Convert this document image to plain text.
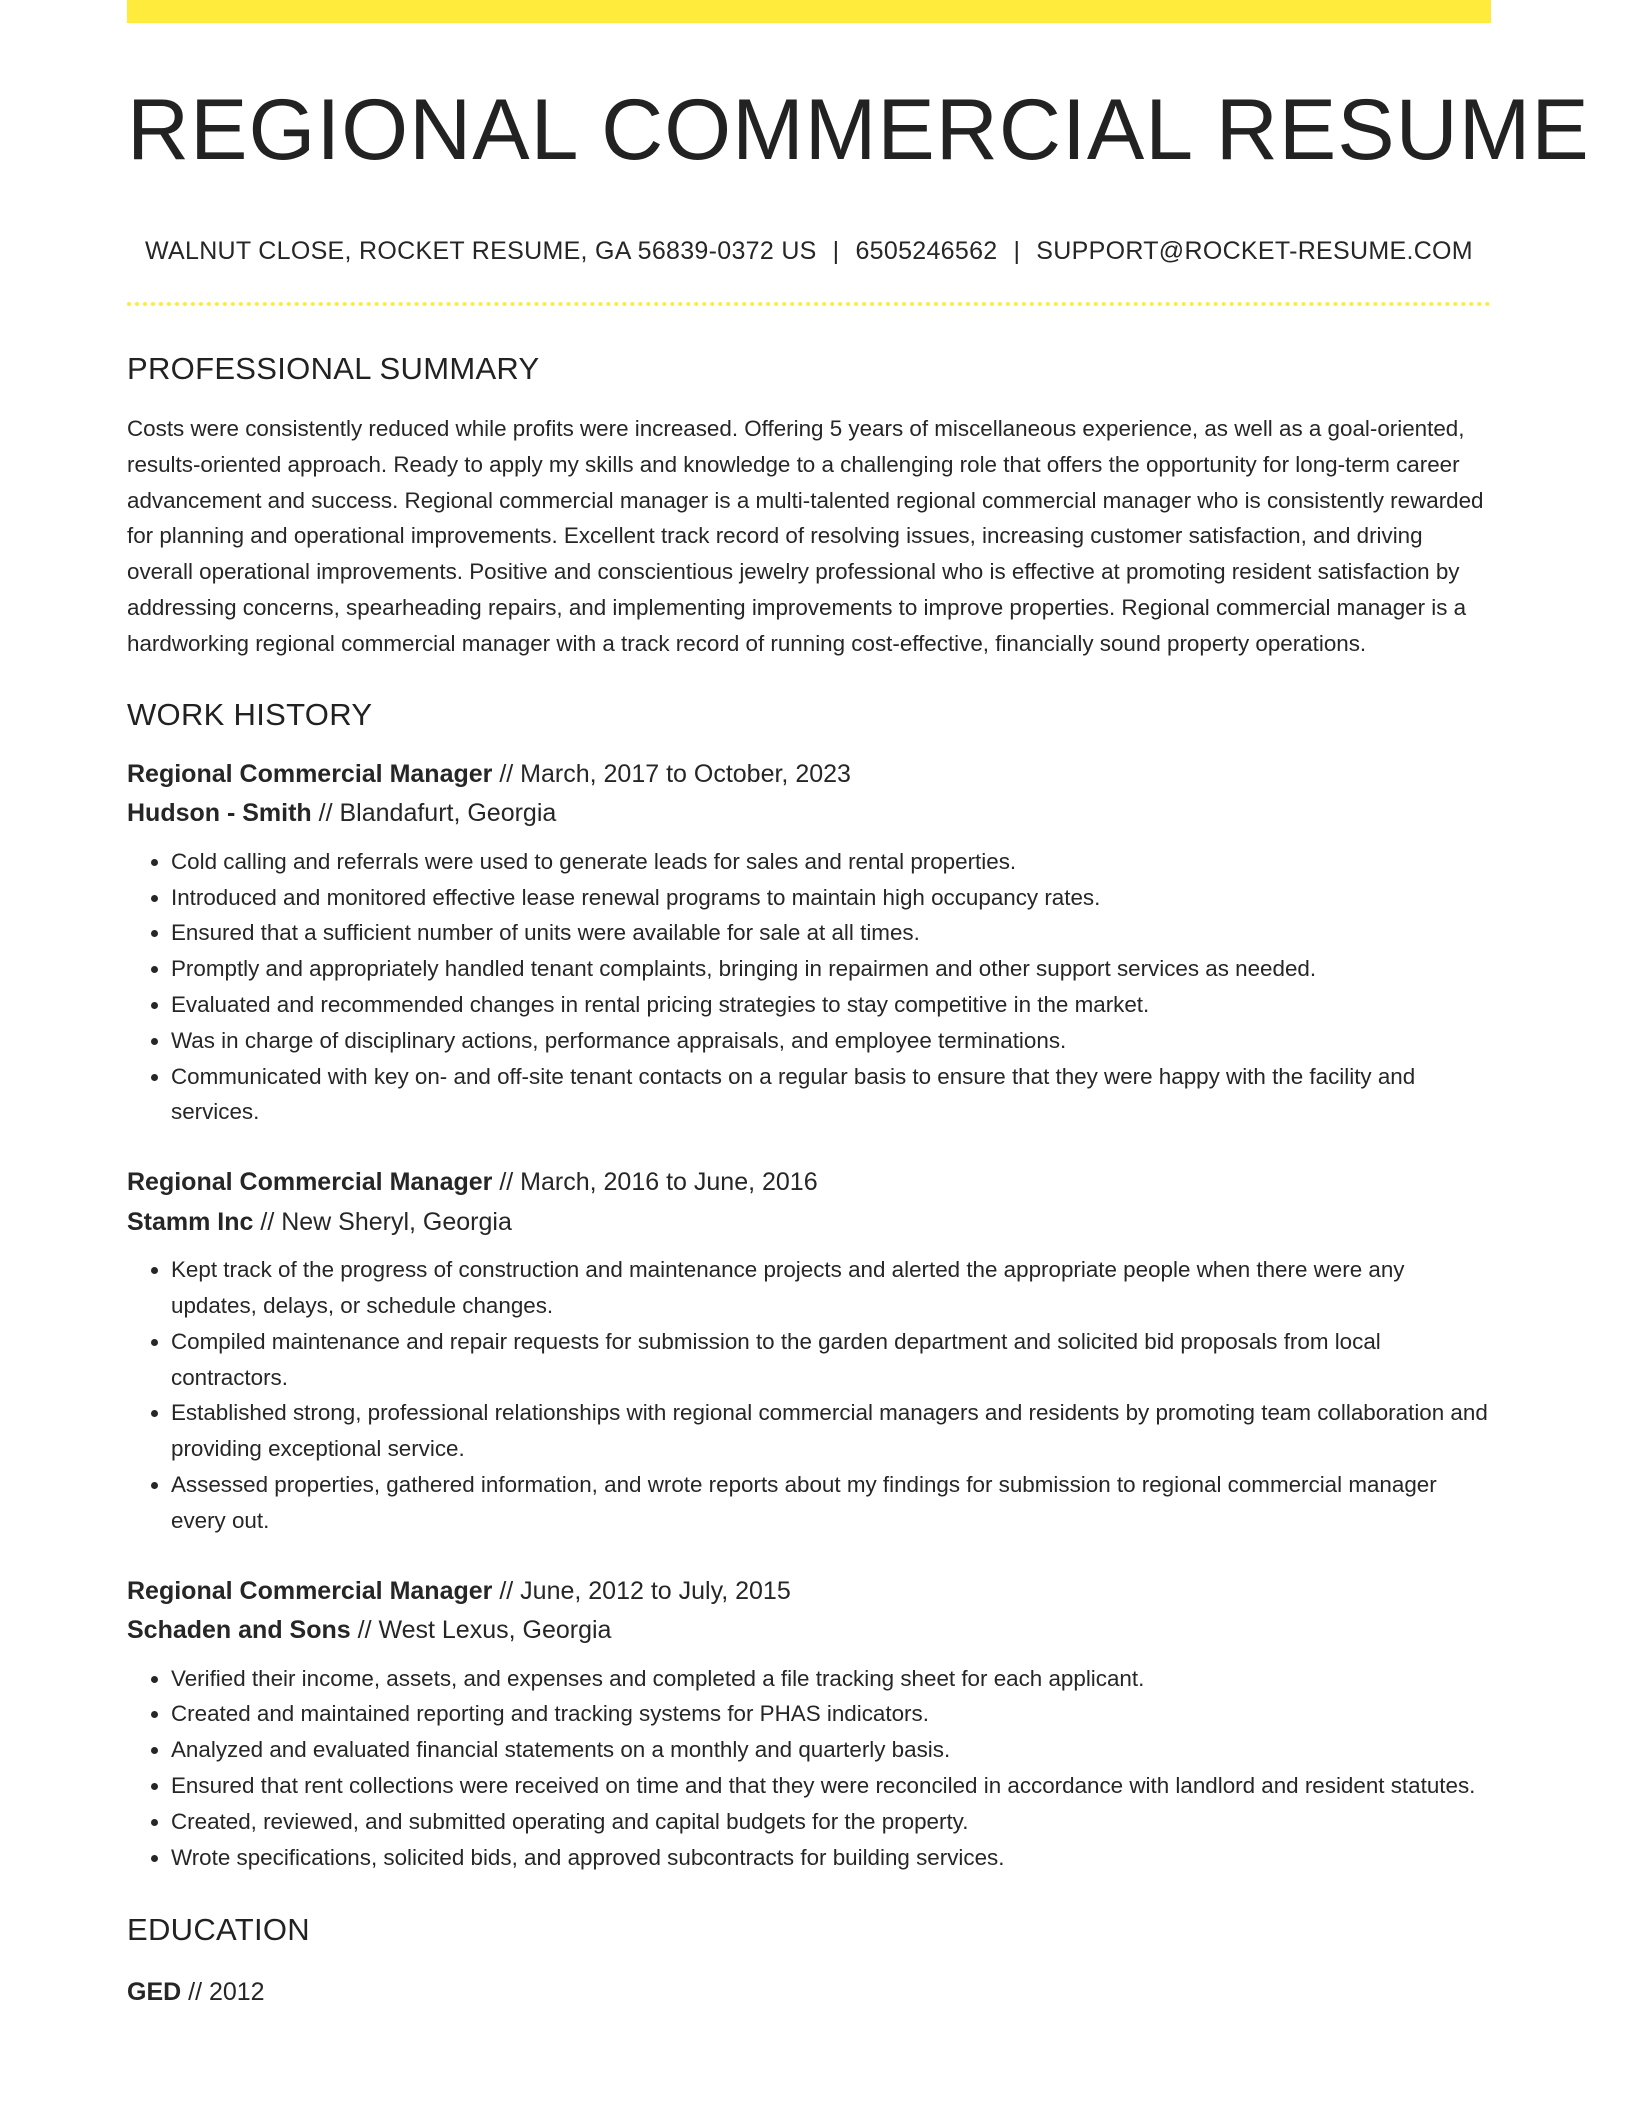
REGIONAL COMMERCIAL RESUME
WALNUT CLOSE, ROCKET RESUME, GA 56839-0372 US | 6505246562 | SUPPORT@ROCKET-RESUME.COM
PROFESSIONAL SUMMARY

Costs were consistently reduced while profits were increased. Offering 5 years of miscellaneous experience, as well as a goal-oriented, results-oriented approach. Ready to apply my skills and knowledge to a challenging role that offers the opportunity for long-term career advancement and success. Regional commercial manager is a multi-talented regional commercial manager who is consistently rewarded for planning and operational improvements. Excellent track record of resolving issues, increasing customer satisfaction, and driving overall operational improvements. Positive and conscientious jewelry professional who is effective at promoting resident satisfaction by addressing concerns, spearheading repairs, and implementing improvements to improve properties. Regional commercial manager is a hardworking regional commercial manager with a track record of running cost-effective, financially sound property operations.

WORK HISTORY
Regional Commercial Manager // March, 2017 to October, 2023
Hudson - Smith // Blandafurt, Georgia
• Cold calling and referrals were used to generate leads for sales and rental properties.
• Introduced and monitored effective lease renewal programs to maintain high occupancy rates.
• Ensured that a sufficient number of units were available for sale at all times.
• Promptly and appropriately handled tenant complaints, bringing in repairmen and other support services as needed.
• Evaluated and recommended changes in rental pricing strategies to stay competitive in the market.
• Was in charge of disciplinary actions, performance appraisals, and employee terminations.
• Communicated with key on- and off-site tenant contacts on a regular basis to ensure that they were happy with the facility and services.
Regional Commercial Manager // March, 2016 to June, 2016
Stamm Inc // New Sheryl, Georgia
• Kept track of the progress of construction and maintenance projects and alerted the appropriate people when there were any updates, delays, or schedule changes.
• Compiled maintenance and repair requests for submission to the garden department and solicited bid proposals from local contractors.
• Established strong, professional relationships with regional commercial managers and residents by promoting team collaboration and providing exceptional service.
• Assessed properties, gathered information, and wrote reports about my findings for submission to regional commercial manager every out.
Regional Commercial Manager // June, 2012 to July, 2015
Schaden and Sons // West Lexus, Georgia
• Verified their income, assets, and expenses and completed a file tracking sheet for each applicant.
• Created and maintained reporting and tracking systems for PHAS indicators.
• Analyzed and evaluated financial statements on a monthly and quarterly basis.
• Ensured that rent collections were received on time and that they were reconciled in accordance with landlord and resident statutes.
• Created, reviewed, and submitted operating and capital budgets for the property.
• Wrote specifications, solicited bids, and approved subcontracts for building services.
EDUCATION
GED // 2012
